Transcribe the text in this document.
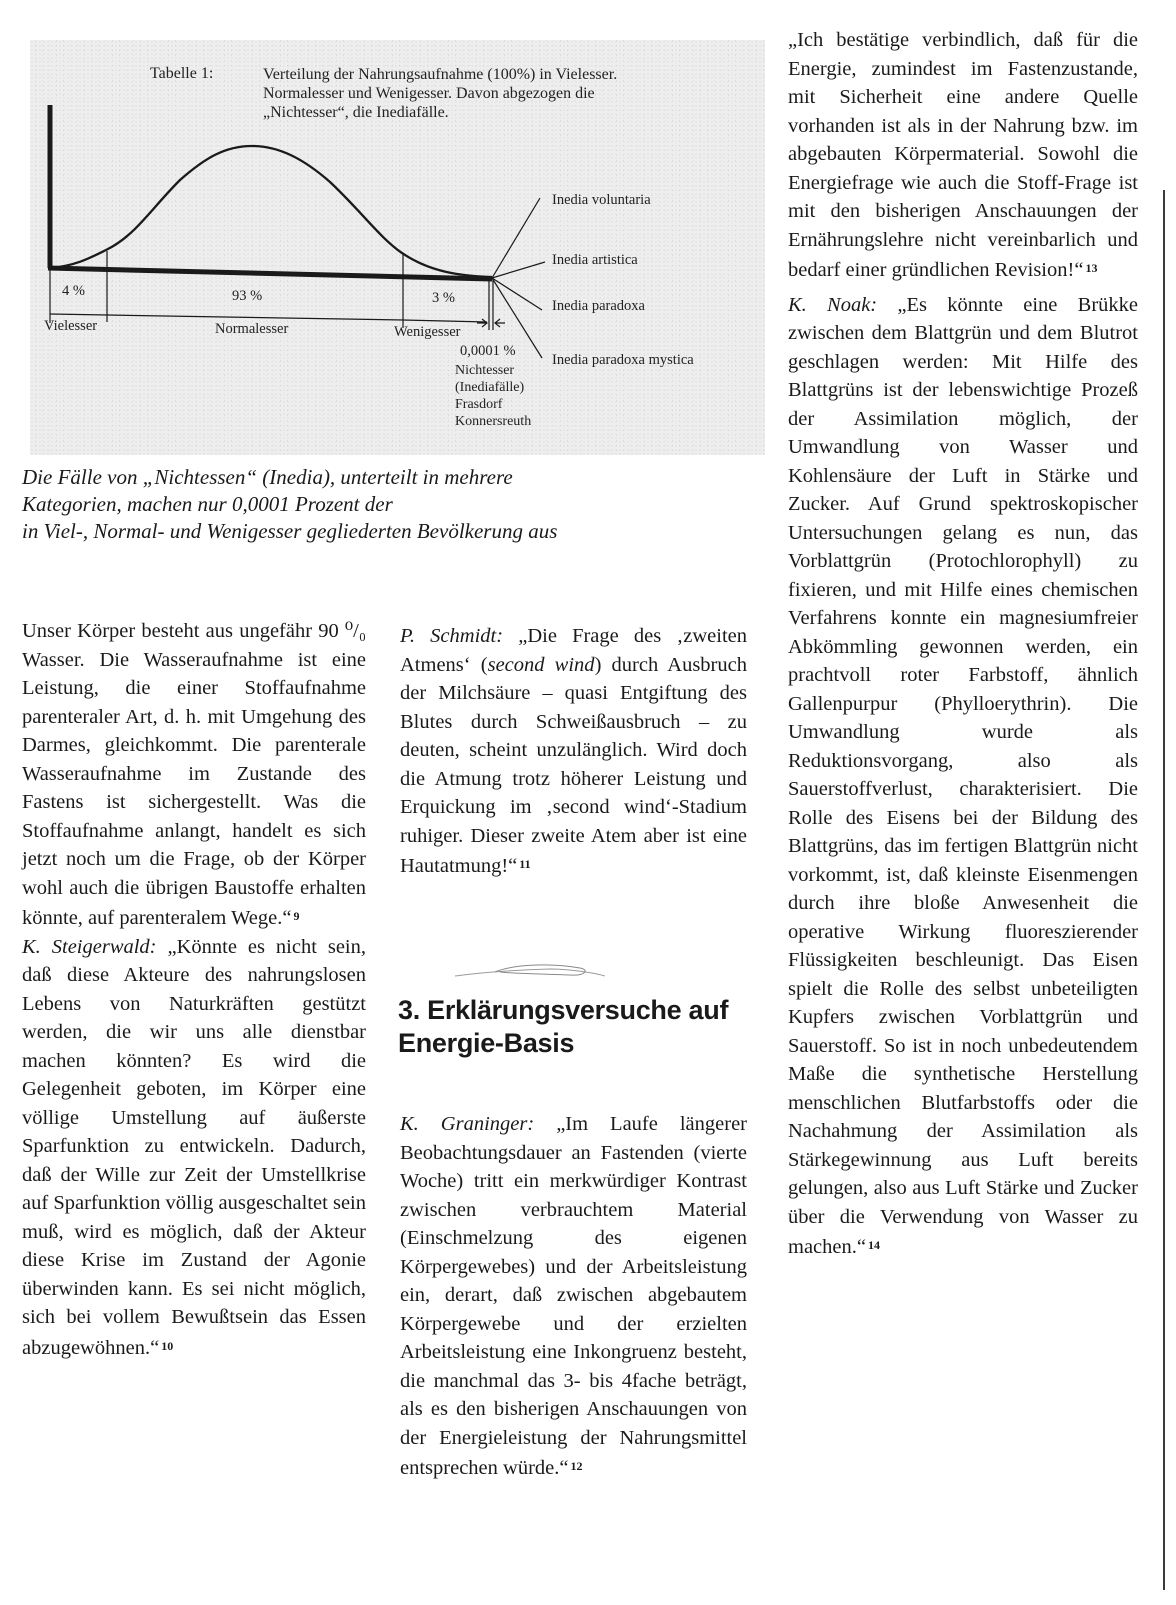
Tabelle 1:	Verteilung der Nahrungsaufnahme (100%) in Vielesser.
Normalesser und Wenigesser. Davon abgezogen die
„Nichtesser“, die Inediafälle.
4 %	93 %	3 %
Vielesser	Normalesser	Wenigesser
0,0001 %
Nichtesser
(Inediafälle)
Frasdorf
Konnersreuth
Inedia voluntaria
Inedia artistica
Inedia paradoxa
Inedia paradoxa mystica
Die Fälle von „Nichtessen“ (Inedia), unterteilt in mehrere
Kategorien, machen nur 0,0001 Prozent der
in Viel-, Normal- und Wenigesser gegliederten Bevölkerung aus

Unser Körper besteht aus ungefähr 90 ⁰/₀ Wasser. Die Wasseraufnahme ist eine Leistung, die einer Stoffaufnahme parenteraler Art, d. h. mit Umgehung des Darmes, gleichkommt. Die parenterale Wasseraufnahme im Zustande des Fastens ist sichergestellt. Was die Stoffaufnahme anlangt, handelt es sich jetzt noch um die Frage, ob der Körper wohl auch die übrigen Baustoffe erhalten könnte, auf parenteralem Wege.“ 9

K. Steigerwald: „Könnte es nicht sein, daß diese Akteure des nahrungslosen Lebens von Naturkräften gestützt werden, die wir uns alle dienstbar machen könnten? Es wird die Gelegenheit geboten, im Körper eine völlige Umstellung auf äußerste Sparfunktion zu entwickeln. Dadurch, daß der Wille zur Zeit der Umstellkrise auf Sparfunktion völlig ausgeschaltet sein muß, wird es möglich, daß der Akteur diese Krise im Zustand der Agonie überwinden kann. Es sei nicht möglich, sich bei vollem Bewußtsein das Essen abzugewöhnen.“ 10

P. Schmidt: „Die Frage des ‚zweiten Atmens‘ (second wind) durch Ausbruch der Milchsäure – quasi Entgiftung des Blutes durch Schweißausbruch – zu deuten, scheint unzulänglich. Wird doch die Atmung trotz höherer Leistung und Erquickung im ‚second wind‘-Stadium ruhiger. Dieser zweite Atem aber ist eine Hautatmung!“ 11

3. Erklärungsversuche auf Energie-Basis

K. Graninger: „Im Laufe längerer Beobachtungsdauer an Fastenden (vierte Woche) tritt ein merkwürdiger Kontrast zwischen verbrauchtem Material (Einschmelzung des eigenen Körpergewebes) und der Arbeitsleistung ein, derart, daß zwischen abgebautem Körpergewebe und der erzielten Arbeitsleistung eine Inkongruenz besteht, die manchmal das 3- bis 4fache beträgt, als es den bisherigen Anschauungen von der Energieleistung der Nahrungsmittel entsprechen würde.“ 12

„Ich bestätige verbindlich, daß für die Energie, zumindest im Fastenzustande, mit Sicherheit eine andere Quelle vorhanden ist als in der Nahrung bzw. im abgebauten Körpermaterial. Sowohl die Energiefrage wie auch die Stoff-Frage ist mit den bisherigen Anschauungen der Ernährungslehre nicht vereinbarlich und bedarf einer gründlichen Revision!“ 13

K. Noak: „Es könnte eine Brükke zwischen dem Blattgrün und dem Blutrot geschlagen werden: Mit Hilfe des Blattgrüns ist der lebenswichtige Prozeß der Assimilation möglich, der Umwandlung von Wasser und Kohlensäure der Luft in Stärke und Zucker. Auf Grund spektroskopischer Untersuchungen gelang es nun, das Vorblattgrün (Protochlorophyll) zu fixieren, und mit Hilfe eines chemischen Verfahrens konnte ein magnesiumfreier Abkömmling gewonnen werden, ein prachtvoll roter Farbstoff, ähnlich Gallenpurpur (Phylloerythrin). Die Umwandlung wurde als Reduktionsvorgang, also als Sauerstoffverlust, charakterisiert. Die Rolle des Eisens bei der Bildung des Blattgrüns, das im fertigen Blattgrün nicht vorkommt, ist, daß kleinste Eisenmengen durch ihre bloße Anwesenheit die operative Wirkung fluoreszierender Flüssigkeiten beschleunigt. Das Eisen spielt die Rolle des selbst unbeteiligten Kupfers zwischen Vorblattgrün und Sauerstoff. So ist in noch unbedeutendem Maße die synthetische Herstellung menschlichen Blutfarbstoffs oder die Nachahmung der Assimilation als Stärkegewinnung aus Luft bereits gelungen, also aus Luft Stärke und Zucker über die Verwendung von Wasser zu machen.“ 14
